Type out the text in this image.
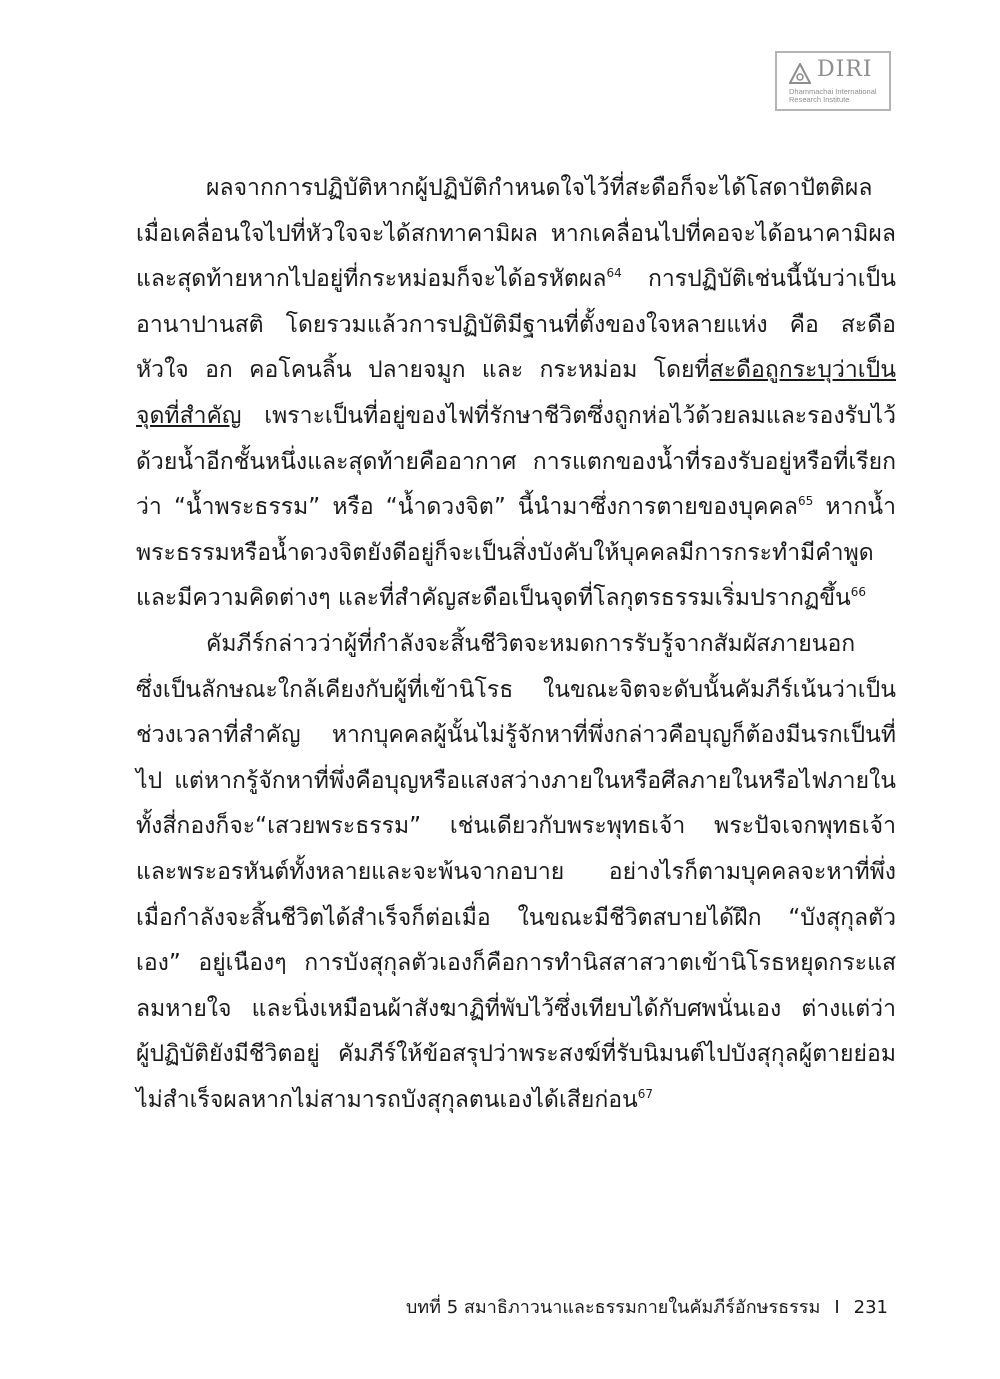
DIRI
Dhammachai International
Research Institute
ผลจากการปฏิบัติหากผู้ปฏิบัติกำหนดใจไว้ที่สะดือก็จะได้โสดาปัตติผล
เมื่อเคลื่อนใจไปที่หัวใจจะได้สกทาคามิผล หากเคลื่อนไปที่คอจะได้อนาคามิผล
และสุดท้ายหากไปอยู่ที่กระหม่อมก็จะได้อรหัตผล$^{64}$ การปฏิบัติเช่นนี้นับว่าเป็น
อานาปานสติ โดยรวมแล้วการปฏิบัติมีฐานที่ตั้งของใจหลายแห่ง คือ สะดือ
หัวใจ อก คอโคนลิ้น ปลายจมูก และ กระหม่อม โดยที่สะดือถูกระบุว่าเป็น
จุดที่สำคัญ เพราะเป็นที่อยู่ของไฟที่รักษาชีวิตซึ่งถูกห่อไว้ด้วยลมและรองรับไว้
ด้วยน้ำอีกชั้นหนึ่งและสุดท้ายคืออากาศ การแตกของน้ำที่รองรับอยู่หรือที่เรียก
ว่า “น้ำพระธรรม” หรือ “น้ำดวงจิต” นี้นำมาซึ่งการตายของบุคคล$^{65}$ หากน้ำ
พระธรรมหรือน้ำดวงจิตยังดีอยู่ก็จะเป็นสิ่งบังคับให้บุคคลมีการกระทำมีคำพูด
และมีความคิดต่างๆ และที่สำคัญสะดือเป็นจุดที่โลกุตรธรรมเริ่มปรากฏขึ้น$^{66}$
คัมภีร์กล่าวว่าผู้ที่กำลังจะสิ้นชีวิตจะหมดการรับรู้จากสัมผัสภายนอก
ซึ่งเป็นลักษณะใกล้เคียงกับผู้ที่เข้านิโรธ ในขณะจิตจะดับนั้นคัมภีร์เน้นว่าเป็น
ช่วงเวลาที่สำคัญ หากบุคคลผู้นั้นไม่รู้จักหาที่พึ่งกล่าวคือบุญก็ต้องมีนรกเป็นที่
ไป แต่หากรู้จักหาที่พึ่งคือบุญหรือแสงสว่างภายในหรือศีลภายในหรือไฟภายใน
ทั้งสี่กองก็จะ“เสวยพระธรรม” เช่นเดียวกับพระพุทธเจ้า พระปัจเจกพุทธเจ้า
และพระอรหันต์ทั้งหลายและจะพ้นจากอบาย อย่างไรก็ตามบุคคลจะหาที่พึ่ง
เมื่อกำลังจะสิ้นชีวิตได้สำเร็จก็ต่อเมื่อ ในขณะมีชีวิตสบายได้ฝึก “บังสุกุลตัว
เอง” อยู่เนืองๆ การบังสุกุลตัวเองก็คือการทำนิสสาสวาตเข้านิโรธหยุดกระแส
ลมหายใจ และนิ่งเหมือนผ้าสังฆาฏิที่พับไว้ซึ่งเทียบได้กับศพนั่นเอง ต่างแต่ว่า
ผู้ปฏิบัติยังมีชีวิตอยู่ คัมภีร์ให้ข้อสรุปว่าพระสงฆ์ที่รับนิมนต์ไปบังสุกุลผู้ตายย่อม
ไม่สำเร็จผลหากไม่สามารถบังสุกุลตนเองได้เสียก่อน$^{67}$
บทที่ 5 สมาธิภาวนาและธรรมกายในคัมภีร์อักษรธรรม I 231
